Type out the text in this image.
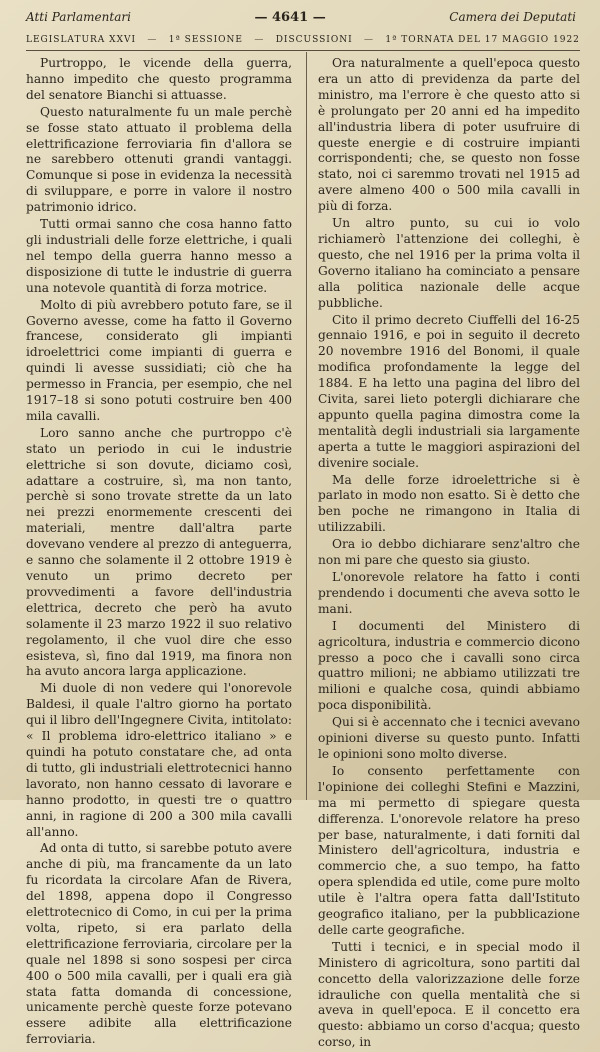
Atti Parlamentari	— 4641 —	Camera dei Deputati
LEGISLATURA XXVI — 1ª SESSIONE — DISCUSSIONI — 1ª TORNATA DEL 17 MAGGIO 1922

Purtroppo, le vicende della guerra, hanno impedito che questo programma del senatore Bianchi si attuasse.

Questo naturalmente fu un male perchè se fosse stato attuato il problema della elettrificazione ferroviaria fin d'allora se ne sarebbero ottenuti grandi vantaggi. Comunque si pose in evidenza la necessità di sviluppare, e porre in valore il nostro patrimonio idrico.

Tutti ormai sanno che cosa hanno fatto gli industriali delle forze elettriche, i quali nel tempo della guerra hanno messo a disposizione di tutte le industrie di guerra una notevole quantità di forza motrice.

Molto di più avrebbero potuto fare, se il Governo avesse, come ha fatto il Governo francese, considerato gli impianti idroelettrici come impianti di guerra e quindi li avesse sussidiati; ciò che ha permesso in Francia, per esempio, che nel 1917–18 si sono potuti costruire ben 400 mila cavalli.

Loro sanno anche che purtroppo c'è stato un periodo in cui le industrie elettriche si son dovute, diciamo così, adattare a costruire, sì, ma non tanto, perchè si sono trovate strette da un lato nei prezzi enormemente crescenti dei materiali, mentre dall'altra parte dovevano vendere al prezzo di anteguerra, e sanno che solamente il 2 ottobre 1919 è venuto un primo decreto per provvedimenti a favore dell'industria elettrica, decreto che però ha avuto solamente il 23 marzo 1922 il suo relativo regolamento, il che vuol dire che esso esisteva, sì, fino dal 1919, ma finora non ha avuto ancora larga applicazione.

Mi duole di non vedere qui l'onorevole Baldesi, il quale l'altro giorno ha portato qui il libro dell'Ingegnere Civita, intitolato: « Il problema idro-elettrico italiano » e quindi ha potuto constatare che, ad onta di tutto, gli industriali elettrotecnici hanno lavorato, non hanno cessato di lavorare e hanno prodotto, in questi tre o quattro anni, in ragione di 200 a 300 mila cavalli all'anno.

Ad onta di tutto, si sarebbe potuto avere anche di più, ma francamente da un lato fu ricordata la circolare Afan de Rivera, del 1898, appena dopo il Congresso elettrotecnico di Como, in cui per la prima volta, ripeto, si era parlato della elettrificazione ferroviaria, circolare per la quale nel 1898 si sono sospesi per circa 400 o 500 mila cavalli, per i quali era già stata fatta domanda di concessione, unicamente perchè queste forze potevano essere adibite alla elettrificazione ferroviaria.

Ora naturalmente a quell'epoca questo era un atto di previdenza da parte del ministro, ma l'errore è che questo atto si è prolungato per 20 anni ed ha impedito all'industria libera di poter usufruire di queste energie e di costruire impianti corrispondenti; che, se questo non fosse stato, noi ci saremmo trovati nel 1915 ad avere almeno 400 o 500 mila cavalli in più di forza.

Un altro punto, su cui io volo richiamerò l'attenzione dei colleghi, è questo, che nel 1916 per la prima volta il Governo italiano ha cominciato a pensare alla politica nazionale delle acque pubbliche.

Cito il primo decreto Ciuffelli del 16-25 gennaio 1916, e poi in seguito il decreto 20 novembre 1916 del Bonomi, il quale modifica profondamente la legge del 1884. E ha letto una pagina del libro del Civita, sarei lieto potergli dichiarare che appunto quella pagina dimostra come la mentalità degli industriali sia largamente aperta a tutte le maggiori aspirazioni del divenire sociale.

Ma delle forze idroelettriche si è parlato in modo non esatto. Si è detto che ben poche ne rimangono in Italia di utilizzabili.

Ora io debbo dichiarare senz'altro che non mi pare che questo sia giusto.

L'onorevole relatore ha fatto i conti prendendo i documenti che aveva sotto le mani.

I documenti del Ministero di agricoltura, industria e commercio dicono presso a poco che i cavalli sono circa quattro milioni; ne abbiamo utilizzati tre milioni e qualche cosa, quindi abbiamo poca disponibilità.

Qui si è accennato che i tecnici avevano opinioni diverse su questo punto. Infatti le opinioni sono molto diverse.

Io consento perfettamente con l'opinione dei colleghi Stefini e Mazzini, ma mi permetto di spiegare questa differenza. L'onorevole relatore ha preso per base, naturalmente, i dati forniti dal Ministero dell'agricoltura, industria e commercio che, a suo tempo, ha fatto opera splendida ed utile, come pure molto utile è l'altra opera fatta dall'Istituto geografico italiano, per la pubblicazione delle carte geografiche.

Tutti i tecnici, e in special modo il Ministero di agricoltura, sono partiti dal concetto della valorizzazione delle forze idrauliche con quella mentalità che si aveva in quell'epoca. E il concetto era questo: abbiamo un corso d'acqua; questo corso, in
